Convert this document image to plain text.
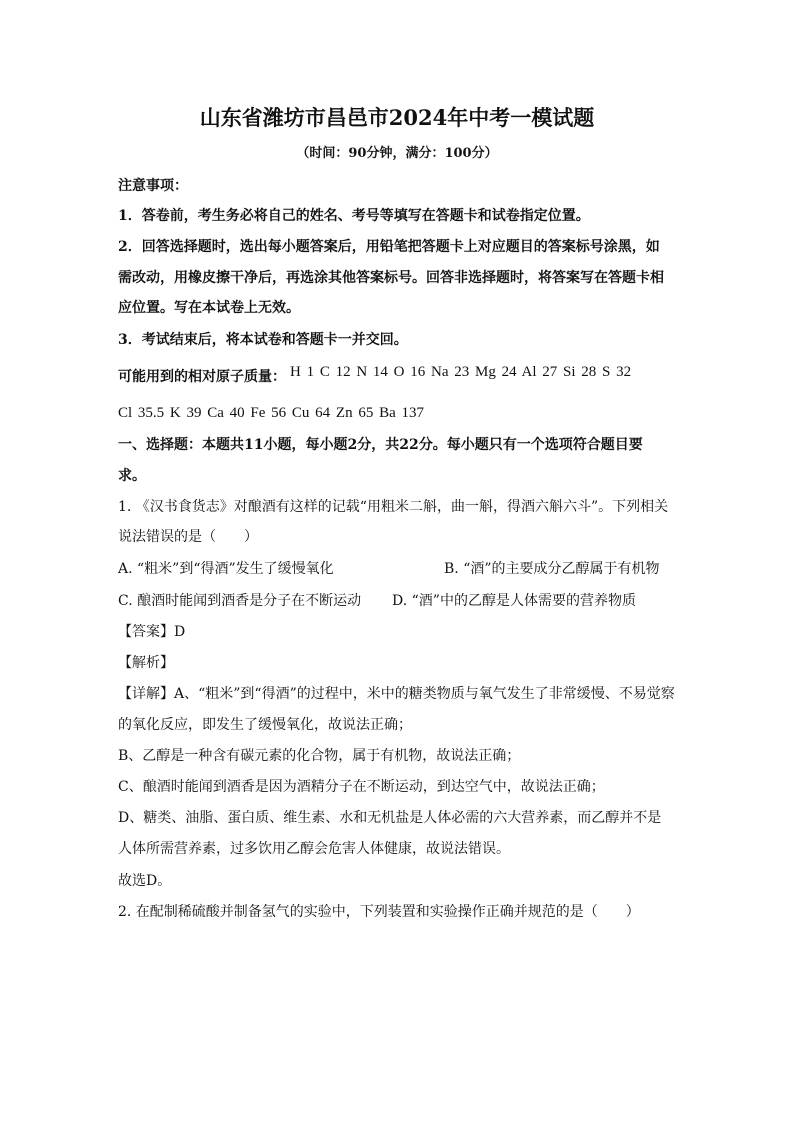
山东省潍坊市昌邑市2024年中考一模试题
（时间：90分钟，满分：100分）
注意事项：
1．答卷前，考生务必将自己的姓名、考号等填写在答题卡和试卷指定位置。
2．回答选择题时，选出每小题答案后，用铅笔把答题卡上对应题目的答案标号涂黑，如
需改动，用橡皮擦干净后，再选涂其他答案标号。回答非选择题时，将答案写在答题卡相
应位置。写在本试卷上无效。
3．考试结束后，将本试卷和答题卡一并交回。
可能用到的相对原子质量： H 1 C 12 N 14 O 16 Na 23 Mg 24 Al 27 Si 28 S 32
Cl 35.5 K 39 Ca 40 Fe 56 Cu 64 Zn 65 Ba 137
一、选择题：本题共11小题，每小题2分，共22分。每小题只有一个选项符合题目要
求。
1. 《汉书食货志》对酿酒有这样的记载“用粗米二斛，曲一斛，得酒六斛六斗”。下列相关
说法错误的是（　　）
A. “粗米”到“得酒”发生了缓慢氧化	B. “酒”的主要成分乙醇属于有机物
C. 酿酒时能闻到酒香是分子在不断运动 D. “酒”中的乙醇是人体需要的营养物质
【答案】D
【解析】
【详解】A、“粗米”到“得酒”的过程中，米中的糖类物质与氧气发生了非常缓慢、不易觉察
的氧化反应，即发生了缓慢氧化，故说法正确；
B、乙醇是一种含有碳元素的化合物，属于有机物，故说法正确；
C、酿酒时能闻到酒香是因为酒精分子在不断运动，到达空气中，故说法正确；
D、糖类、油脂、蛋白质、维生素、水和无机盐是人体必需的六大营养素，而乙醇并不是
人体所需营养素，过多饮用乙醇会危害人体健康，故说法错误。
故选D。
2. 在配制稀硫酸并制备氢气的实验中，下列装置和实验操作正确并规范的是（　　）
